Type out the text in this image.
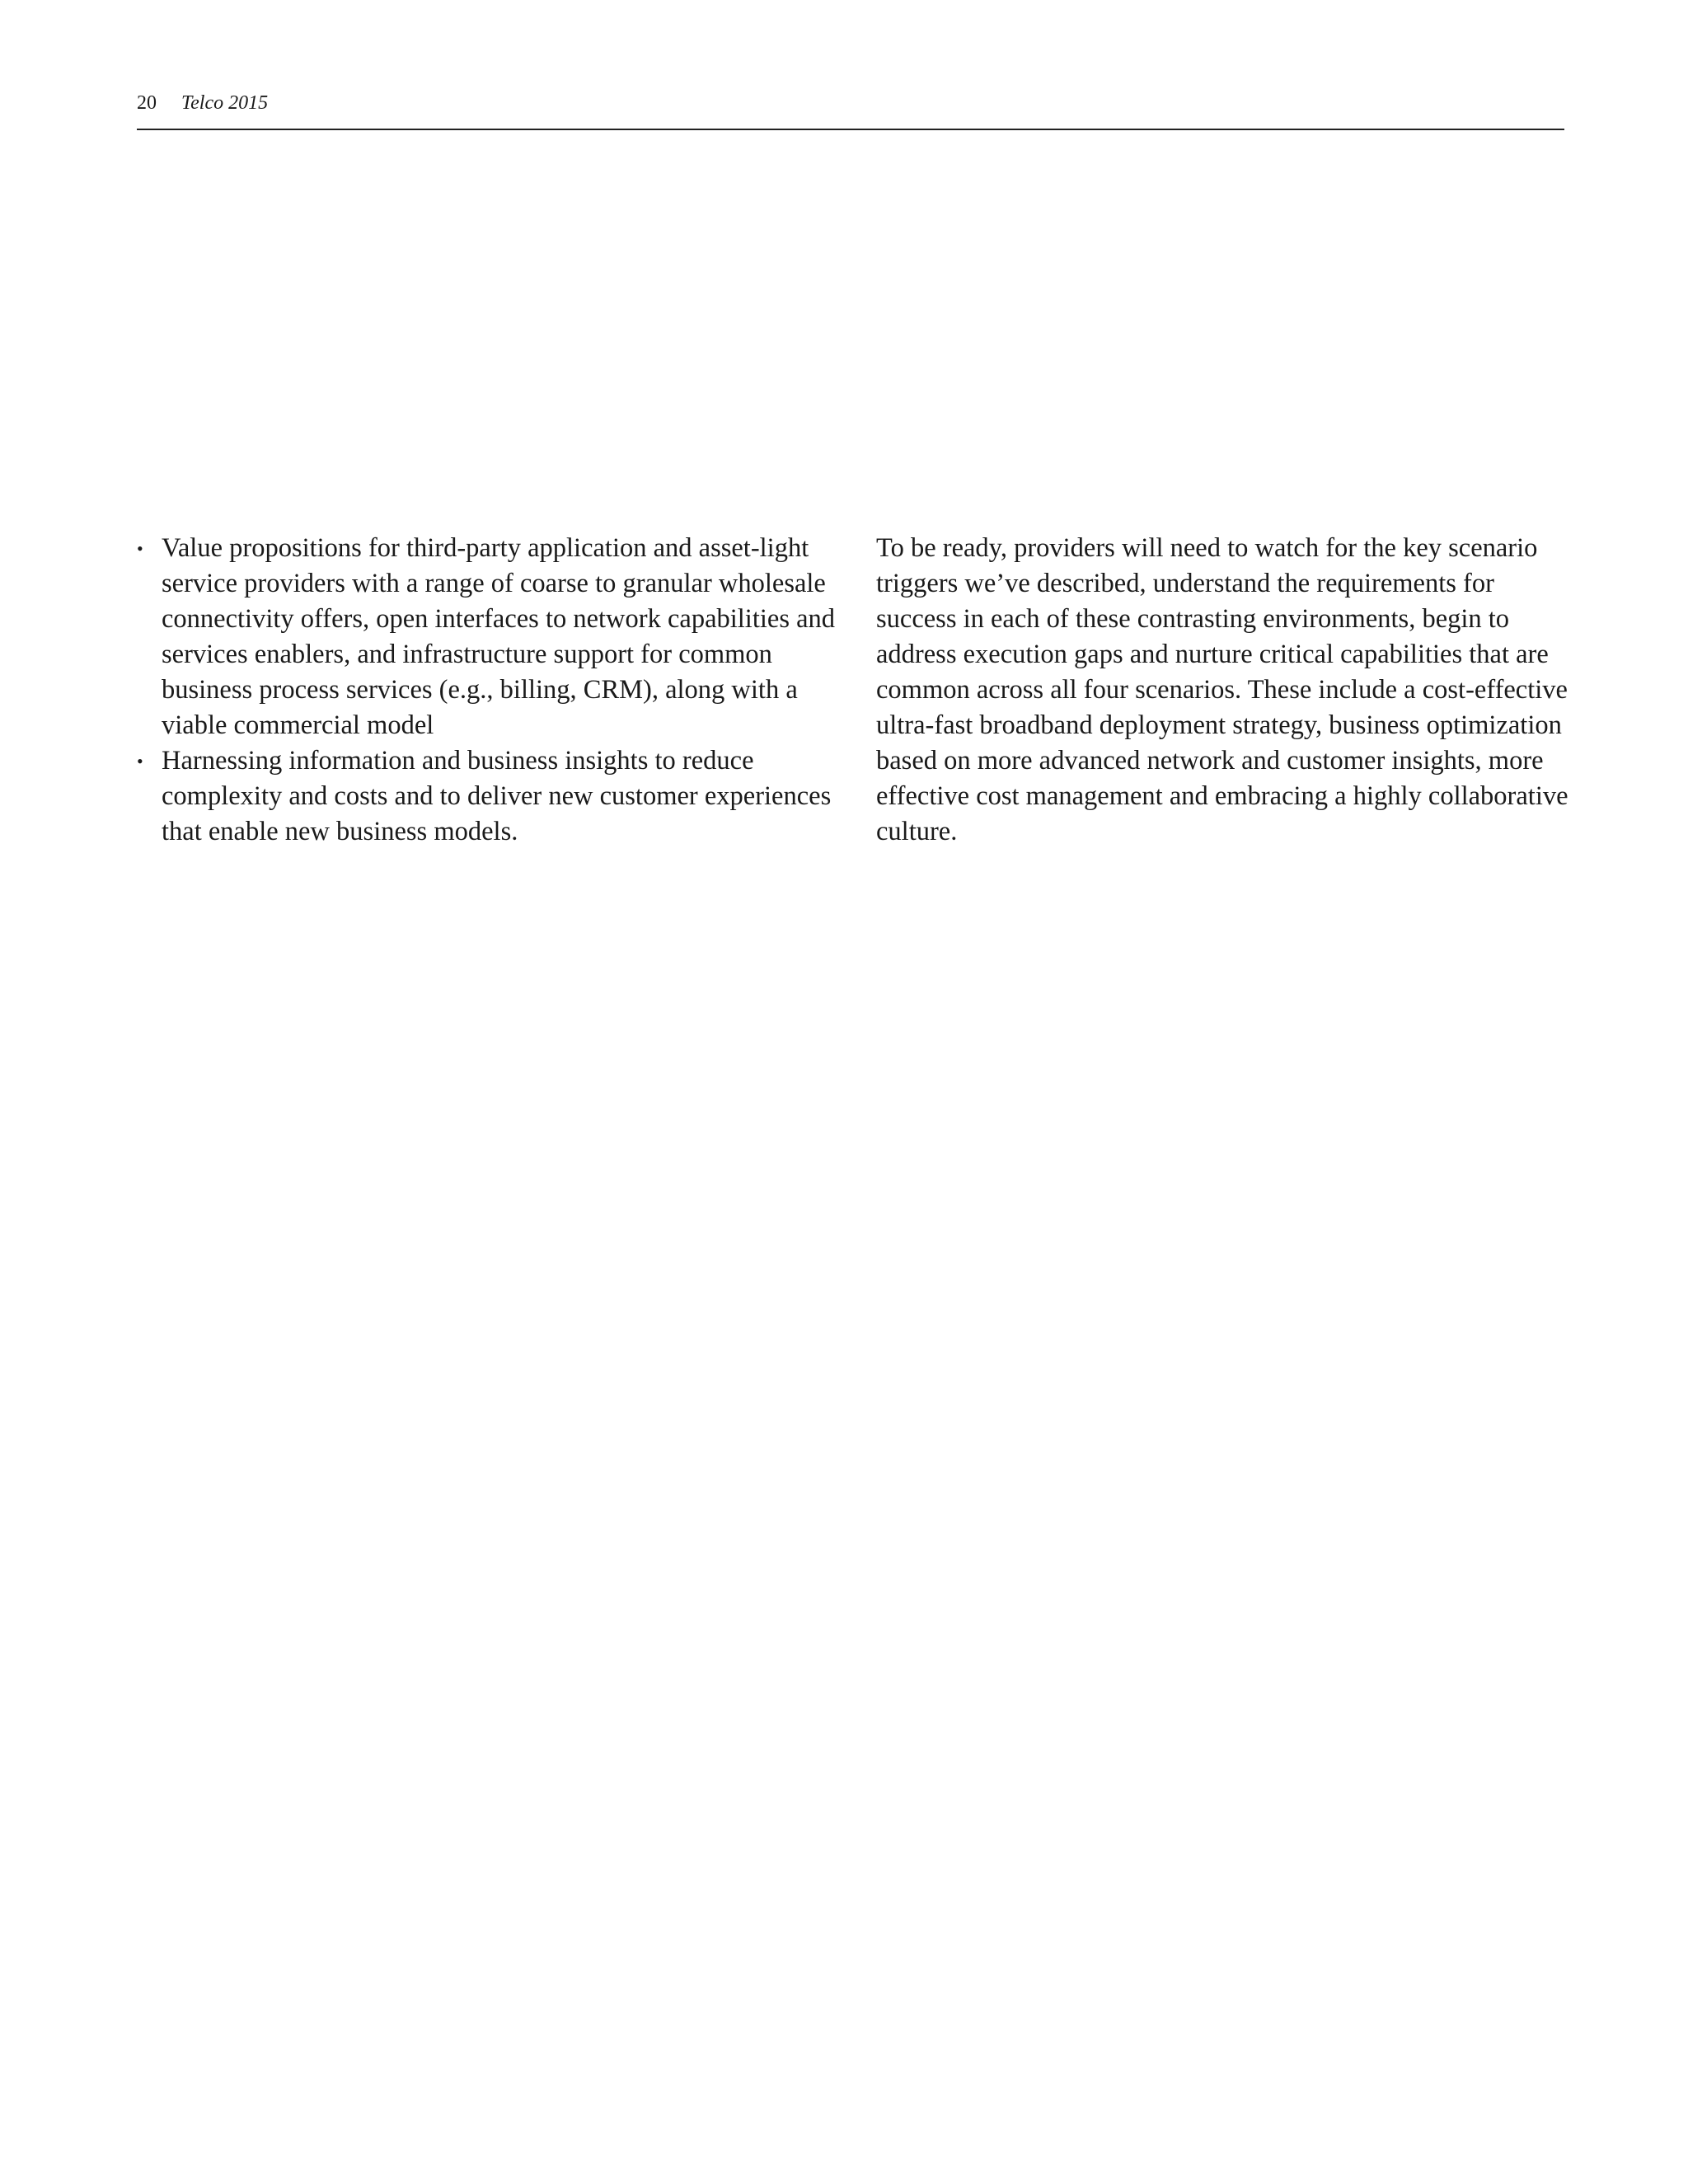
20 Telco 2015
• Value propositions for third-party application and asset-light service providers with a range of coarse to granular wholesale connectivity offers, open interfaces to network capabilities and services enablers, and infrastructure support for common business process services (e.g., billing, CRM), along with a viable commercial model
• Harnessing information and business insights to reduce complexity and costs and to deliver new customer experiences that enable new business models.

To be ready, providers will need to watch for the key scenario triggers we’ve described, understand the requirements for success in each of these contrasting environments, begin to address execution gaps and nurture critical capabilities that are common across all four scenarios. These include a cost-effective ultra-fast broadband deployment strategy, business optimization based on more advanced network and customer insights, more effective cost management and embracing a highly collaborative culture.
